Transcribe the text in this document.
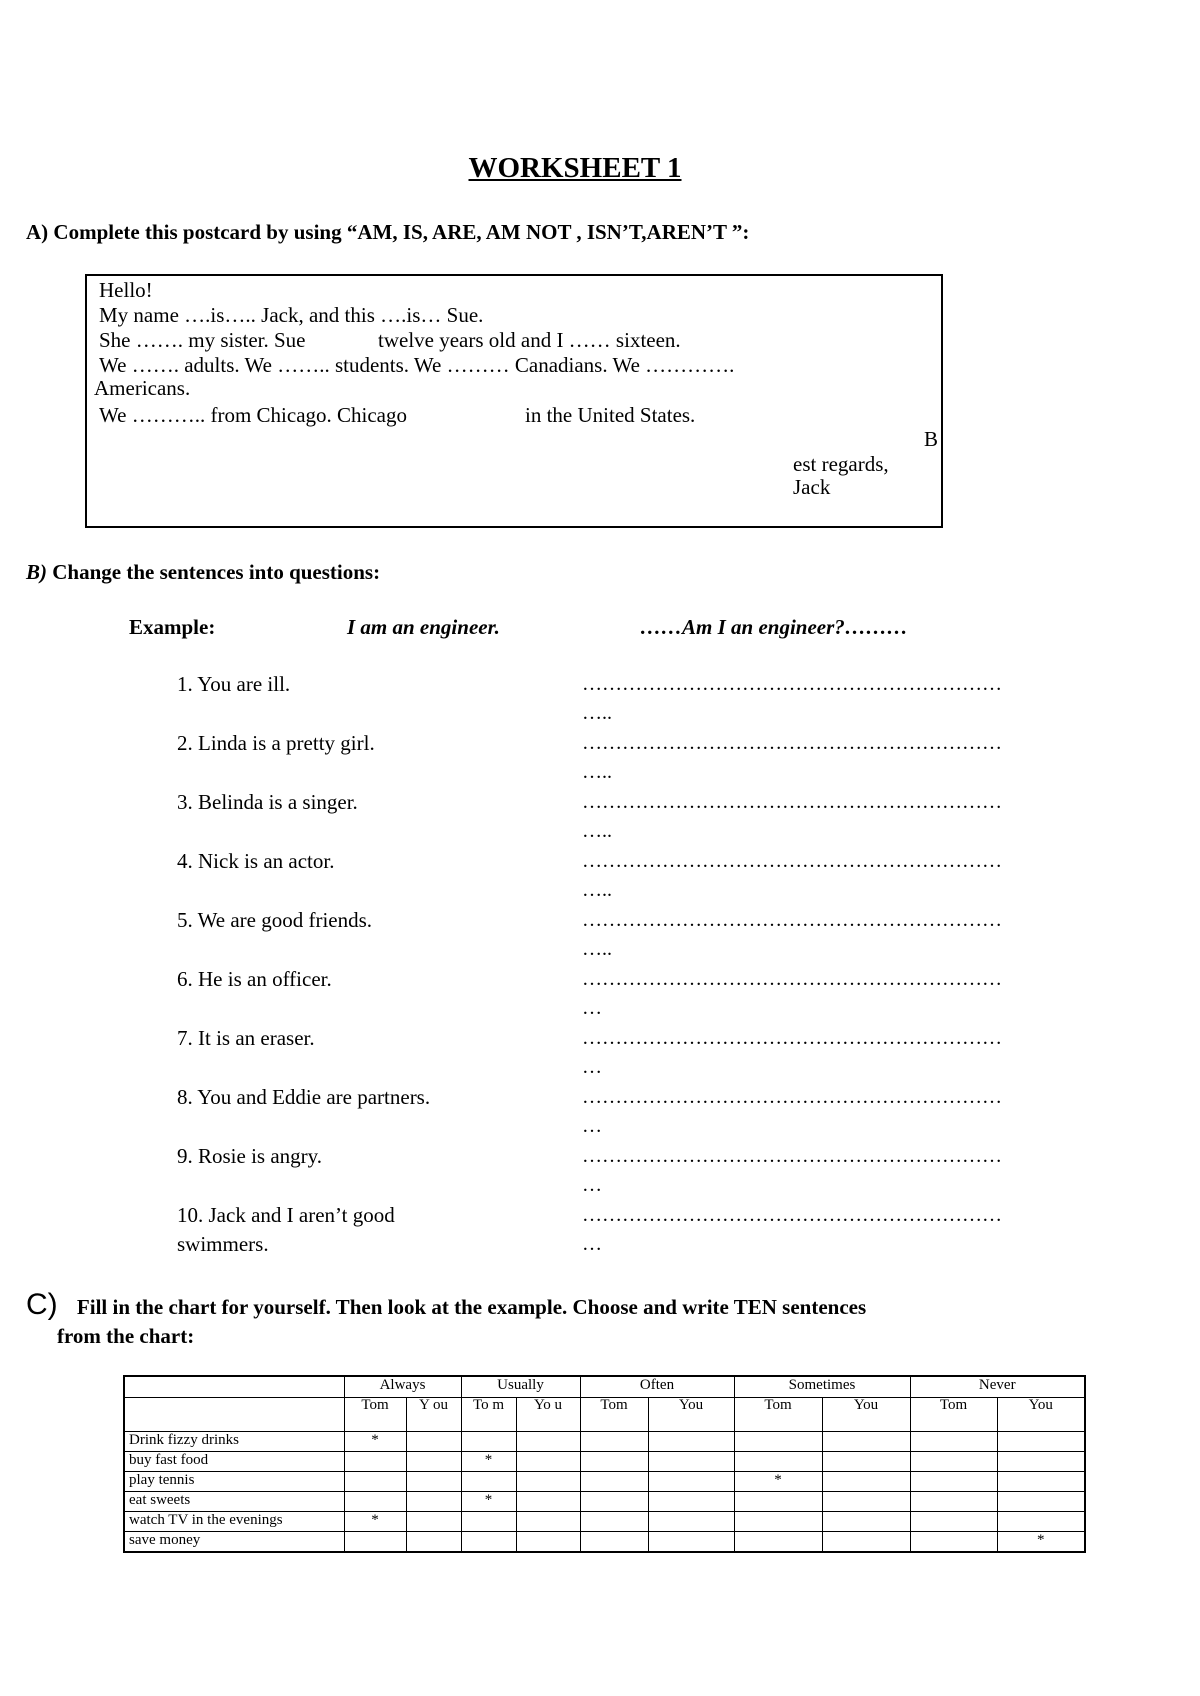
WORKSHEET 1
A) Complete this postcard by using “AM, IS, ARE, AM NOT , ISN’T,AREN’T ”:
Hello!
My name ….is….. Jack, and this ….is… Sue.
She ……. my sister. Sue	twelve years old and I …… sixteen.
We ……. adults. We …….. students. We ……… Canadians. We ………….
Americans.
We ……….. from Chicago. Chicago	in the United States.
B
est regards,
Jack
B) Change the sentences into questions:
Example:	I am an engineer.	……Am I an engineer?………
1. You are ill.	………………………………………………………
…..
2. Linda is a pretty girl.	………………………………………………………
…..
3. Belinda is a singer.	………………………………………………………
…..
4. Nick is an actor.	………………………………………………………
…..
5. We are good friends.	………………………………………………………
…..
6. He is an officer.	………………………………………………………
…
7. It is an eraser.	………………………………………………………
…
8. You and Eddie are partners.	………………………………………………………
…
9. Rosie is angry.	………………………………………………………
…
10. Jack and I aren’t good swimmers.
………………………………………………………
…
C) Fill in the chart for yourself. Then look at the example. Choose and write TEN sentences
from the chart:
	Always		Usually		Often		Sometimes		Never	
	Tom	Y ou	To m	Yo u	Tom	You	Tom	You	Tom	You
Drink fizzy drinks	*									
buy fast food			*							
play tennis							*			
eat sweets			*							
watch TV in the evenings	*									
save money										*
